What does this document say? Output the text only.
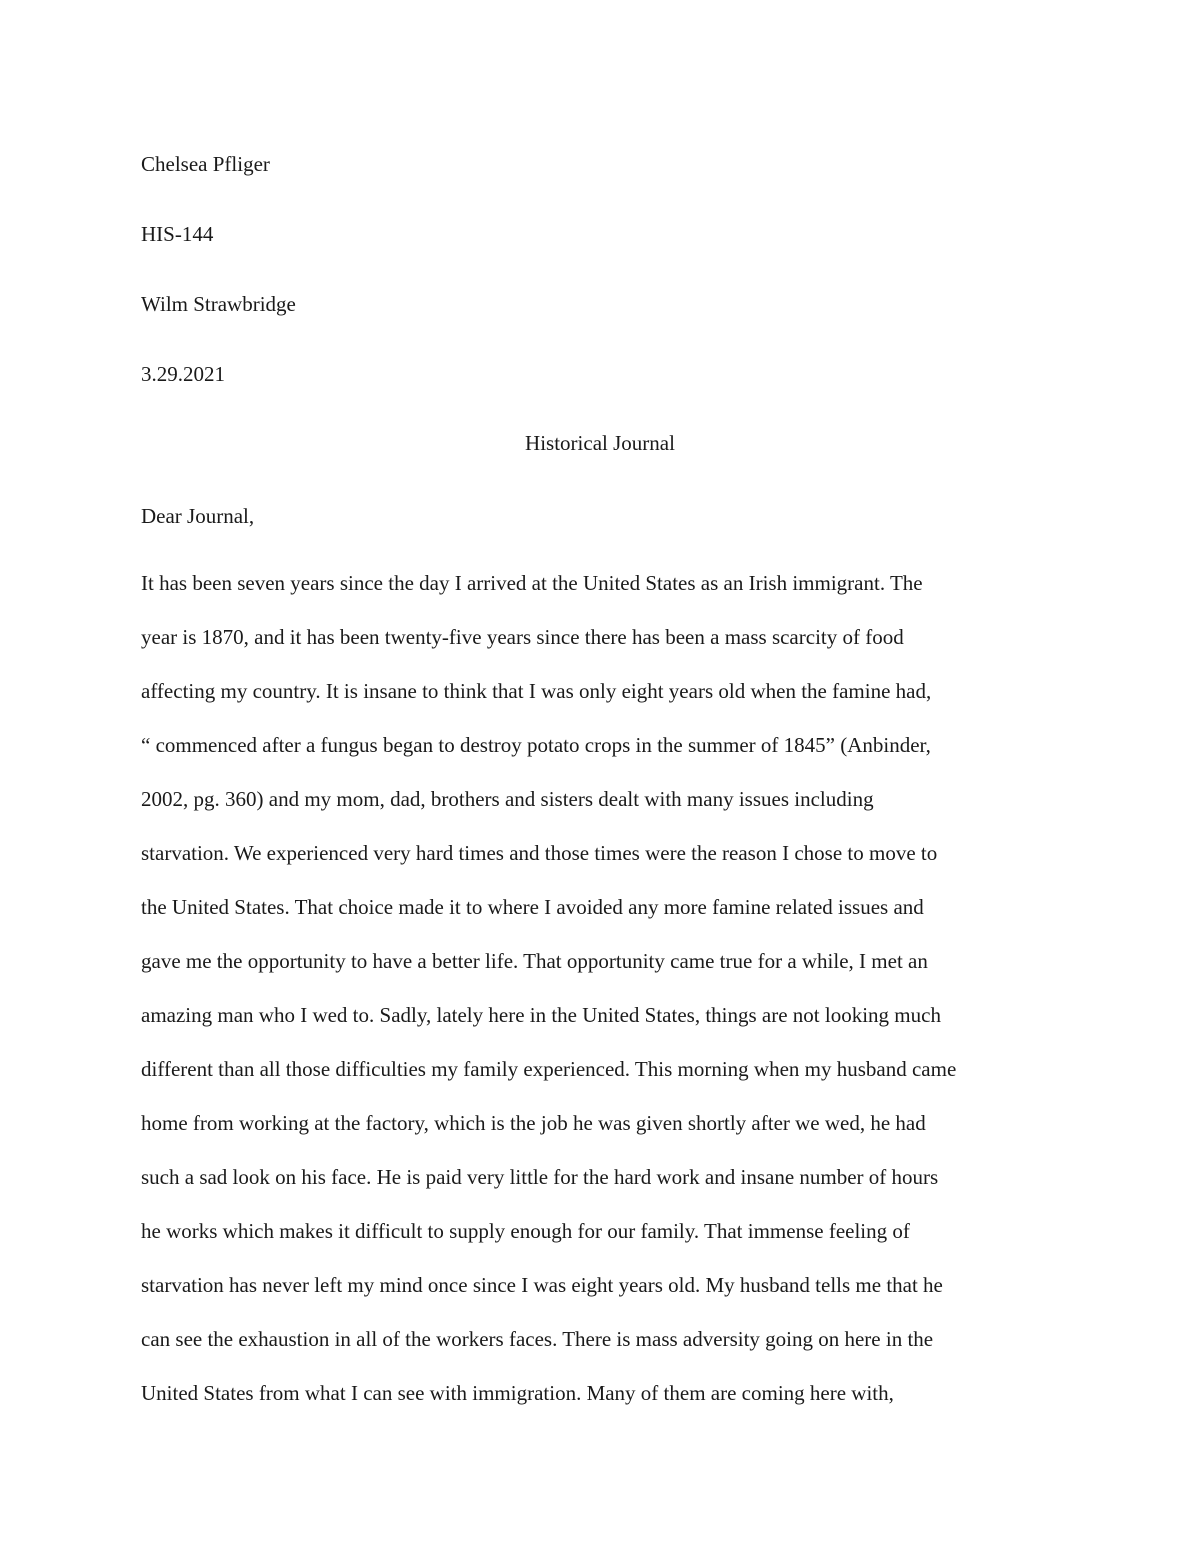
Chelsea Pfliger
HIS-144
Wilm Strawbridge
3.29.2021
Historical Journal
Dear Journal,
It has been seven years since the day I arrived at the United States as an Irish immigrant. The
year is 1870, and it has been twenty-five years since there has been a mass scarcity of food
affecting my country. It is insane to think that I was only eight years old when the famine had,
“ commenced after a fungus began to destroy potato crops in the summer of 1845” (Anbinder,
2002, pg. 360) and my mom, dad, brothers and sisters dealt with many issues including
starvation. We experienced very hard times and those times were the reason I chose to move to
the United States. That choice made it to where I avoided any more famine related issues and
gave me the opportunity to have a better life. That opportunity came true for a while, I met an
amazing man who I wed to. Sadly, lately here in the United States, things are not looking much
different than all those difficulties my family experienced. This morning when my husband came
home from working at the factory, which is the job he was given shortly after we wed, he had
such a sad look on his face. He is paid very little for the hard work and insane number of hours
he works which makes it difficult to supply enough for our family. That immense feeling of
starvation has never left my mind once since I was eight years old. My husband tells me that he
can see the exhaustion in all of the workers faces. There is mass adversity going on here in the
United States from what I can see with immigration. Many of them are coming here with,
